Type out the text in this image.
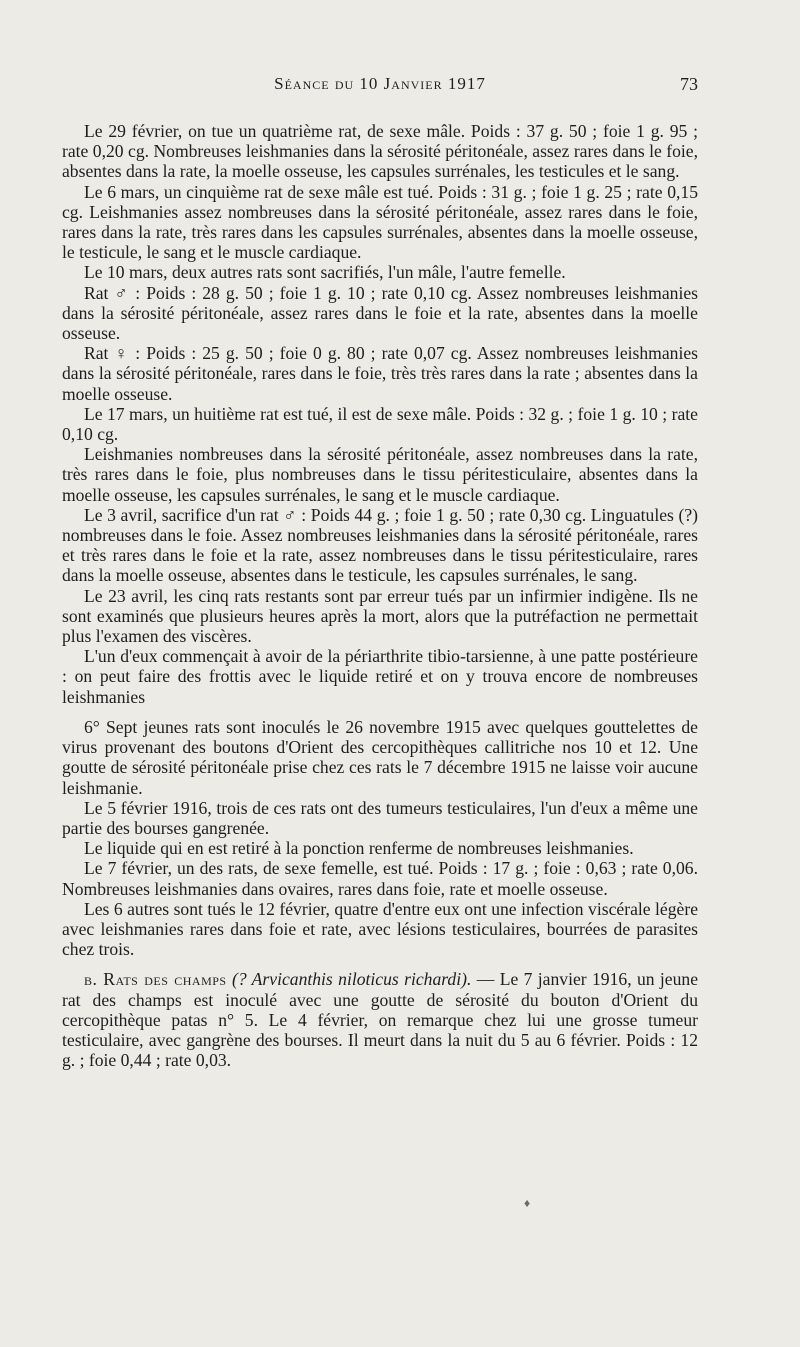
Séance du 10 Janvier 1917	73

Le 29 février, on tue un quatrième rat, de sexe mâle. Poids : 37 g. 50 ; foie 1 g. 95 ; rate 0,20 cg. Nombreuses leishmanies dans la sérosité péritonéale, assez rares dans le foie, absentes dans la rate, la moelle osseuse, les capsules surrénales, les testicules et le sang.

Le 6 mars, un cinquième rat de sexe mâle est tué. Poids : 31 g. ; foie 1 g. 25 ; rate 0,15 cg. Leishmanies assez nombreuses dans la sérosité péritonéale, assez rares dans le foie, rares dans la rate, très rares dans les capsules surrénales, absentes dans la moelle osseuse, le testicule, le sang et le muscle cardiaque.

Le 10 mars, deux autres rats sont sacrifiés, l'un mâle, l'autre femelle.

Rat ♂ : Poids : 28 g. 50 ; foie 1 g. 10 ; rate 0,10 cg. Assez nombreuses leishmanies dans la sérosité péritonéale, assez rares dans le foie et la rate, absentes dans la moelle osseuse.

Rat ♀ : Poids : 25 g. 50 ; foie 0 g. 80 ; rate 0,07 cg. Assez nombreuses leishmanies dans la sérosité péritonéale, rares dans le foie, très très rares dans la rate ; absentes dans la moelle osseuse.

Le 17 mars, un huitième rat est tué, il est de sexe mâle. Poids : 32 g. ; foie 1 g. 10 ; rate 0,10 cg.

Leishmanies nombreuses dans la sérosité péritonéale, assez nombreuses dans la rate, très rares dans le foie, plus nombreuses dans le tissu péritesticulaire, absentes dans la moelle osseuse, les capsules surrénales, le sang et le muscle cardiaque.

Le 3 avril, sacrifice d'un rat ♂ : Poids 44 g. ; foie 1 g. 50 ; rate 0,30 cg. Linguatules (?) nombreuses dans le foie. Assez nombreuses leishmanies dans la sérosité péritonéale, rares et très rares dans le foie et la rate, assez nombreuses dans le tissu péritesticulaire, rares dans la moelle osseuse, absentes dans le testicule, les capsules surrénales, le sang.

Le 23 avril, les cinq rats restants sont par erreur tués par un infirmier indigène. Ils ne sont examinés que plusieurs heures après la mort, alors que la putréfaction ne permettait plus l'examen des viscères.

L'un d'eux commençait à avoir de la périarthrite tibio-tarsienne, à une patte postérieure : on peut faire des frottis avec le liquide retiré et on y trouva encore de nombreuses leishmanies

6° Sept jeunes rats sont inoculés le 26 novembre 1915 avec quelques gouttelettes de virus provenant des boutons d'Orient des cercopithèques callitriche nos 10 et 12. Une goutte de sérosité péritonéale prise chez ces rats le 7 décembre 1915 ne laisse voir aucune leishmanie.

Le 5 février 1916, trois de ces rats ont des tumeurs testiculaires, l'un d'eux a même une partie des bourses gangrenée.

Le liquide qui en est retiré à la ponction renferme de nombreuses leishmanies.

Le 7 février, un des rats, de sexe femelle, est tué. Poids : 17 g. ; foie : 0,63 ; rate 0,06. Nombreuses leishmanies dans ovaires, rares dans foie, rate et moelle osseuse.

Les 6 autres sont tués le 12 février, quatre d'entre eux ont une infection viscérale légère avec leishmanies rares dans foie et rate, avec lésions testiculaires, bourrées de parasites chez trois.

β. Rats des champs (? Arvicanthis niloticus richardi). — Le 7 janvier 1916, un jeune rat des champs est inoculé avec une goutte de sérosité du bouton d'Orient du cercopithèque patas n° 5. Le 4 février, on remarque chez lui une grosse tumeur testiculaire, avec gangrène des bourses. Il meurt dans la nuit du 5 au 6 février. Poids : 12 g. ; foie 0,44 ; rate 0,03.

♦
